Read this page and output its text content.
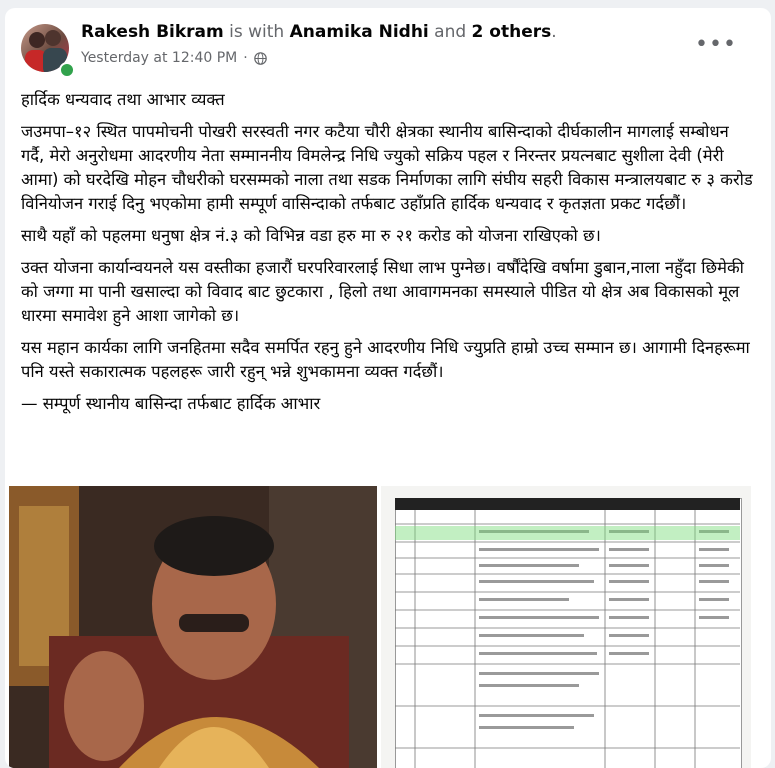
Rakesh Bikram is with Anamika Nidhi and 2 others.
Yesterday at 12:40 PM ·
•••

हार्दिक धन्यवाद तथा आभार व्यक्त

जउमपा–१२ स्थित पापमोचनी पोखरी सरस्वती नगर कटैया चौरी क्षेत्रका स्थानीय बासिन्दाको दीर्घकालीन मागलाई सम्बोधन गर्दै, मेरो अनुरोधमा आदरणीय नेता सम्माननीय विमलेन्द्र निधि ज्युको सक्रिय पहल र निरन्तर प्रयत्नबाट सुशीला देवी (मेरी आमा) को घरदेखि मोहन चौधरीको घरसम्मको नाला तथा सडक निर्माणका लागि संघीय सहरी विकास मन्त्रालयबाट रु ३ करोड विनियोजन गराई दिनु भएकोमा हामी सम्पूर्ण वासिन्दाको तर्फबाट उहाँप्रति हार्दिक धन्यवाद र कृतज्ञता प्रकट गर्दछौं।

साथै यहाँ को पहलमा धनुषा क्षेत्र नं.३ को विभिन्न वडा हरु मा रु २१ करोड को योजना राखिएको छ।

उक्त योजना कार्यान्वयनले यस वस्तीका हजारौं घरपरिवारलाई सिधा लाभ पुग्नेछ। वर्षौंदेखि वर्षामा डुबान,नाला नहुँदा छिमेकी को जग्गा मा पानी खसाल्दा को विवाद बाट छुटकारा , हिलो तथा आवागमनका समस्याले पीडित यो क्षेत्र अब विकासको मूल धारमा समावेश हुने आशा जागेको छ।

यस महान कार्यका लागि जनहितमा सदैव समर्पित रहनु हुने आदरणीय निधि ज्युप्रति हाम्रो उच्च सम्मान छ। आगामी दिनहरूमा पनि यस्ते सकारात्मक पहलहरू जारी रहुन् भन्ने शुभकामना व्यक्त गर्दछौं।

— सम्पूर्ण स्थानीय बासिन्दा तर्फबाट हार्दिक आभार
